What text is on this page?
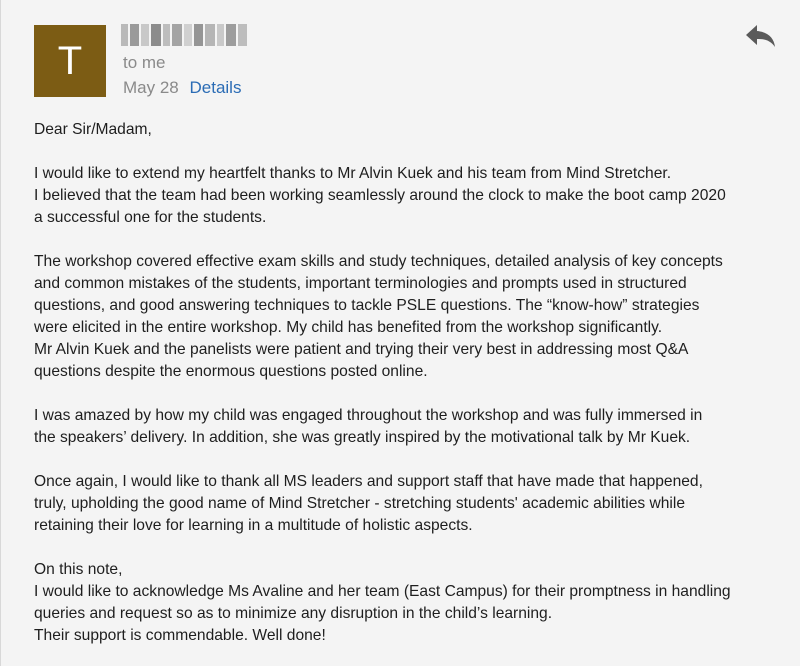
T	to me
May 28 Details

Dear Sir/Madam,

I would like to extend my heartfelt thanks to Mr Alvin Kuek and his team from Mind Stretcher.

I believed that the team had been working seamlessly around the clock to make the boot camp 2020

a successful one for the students.

The workshop covered effective exam skills and study techniques, detailed analysis of key concepts

and common mistakes of the students, important terminologies and prompts used in structured

questions, and good answering techniques to tackle PSLE questions. The “know-how” strategies

were elicited in the entire workshop. My child has benefited from the workshop significantly.

Mr Alvin Kuek and the panelists were patient and trying their very best in addressing most Q&A

questions despite the enormous questions posted online.

I was amazed by how my child was engaged throughout the workshop and was fully immersed in

the speakers’ delivery. In addition, she was greatly inspired by the motivational talk by Mr Kuek.

Once again, I would like to thank all MS leaders and support staff that have made that happened,

truly, upholding the good name of Mind Stretcher - stretching students' academic abilities while

retaining their love for learning in a multitude of holistic aspects.

On this note,

I would like to acknowledge Ms Avaline and her team (East Campus) for their promptness in handling

queries and request so as to minimize any disruption in the child’s learning.

Their support is commendable. Well done!
